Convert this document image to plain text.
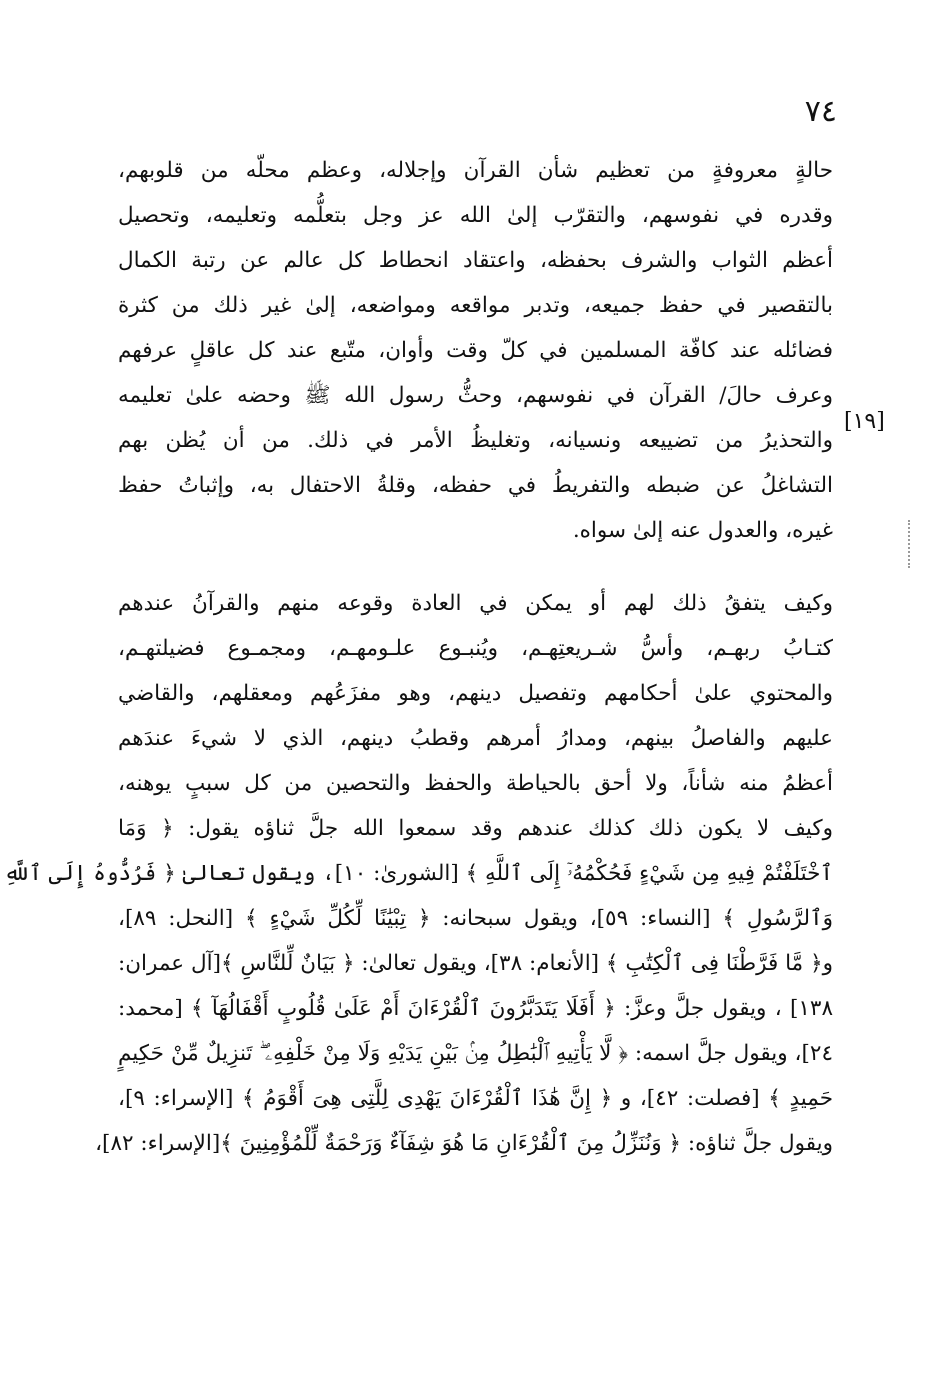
٧٤
[١٩]
حالةٍ معروفةٍ من تعظيم شأن القرآن وإجلاله، وعظم محلّه من قلوبهم،
وقدره في نفوسهم، والتقرّب إلىٰ الله عز وجل بتعلُّمه وتعليمه، وتحصيل
أعظم الثواب والشرف بحفظه، واعتقاد انحطاط كل عالم عن رتبة الكمال
بالتقصير في حفظ جميعه، وتدبر مواقعه ومواضعه، إلىٰ غير ذلك من كثرة
فضائله عند كافّة المسلمين في كلّ وقت وأوان، متّبع عند كل عاقلٍ عرفهم
وعرف حالَ/ القرآن في نفوسهم، وحثُّ رسول الله ﷺ وحضه علىٰ تعليمه
والتحذيرُ من تضييعه ونسيانه، وتغليظُ الأمر في ذلك. من أن يُظن بهم
التشاغلُ عن ضبطه والتفريطُ في حفظه، وقلةُ الاحتفال به، وإثباتُ حفظ
غيره، والعدول عنه إلىٰ سواه.
وكيف يتفقُ ذلك لهم أو يمكن في العادة وقوعه منهم والقرآنُ عندهم
كتـابُ ربهـم، وأسُّ شـريعتِهـم، ويُنبـوع علـومهـم، ومجمـوع فضيلتهـم،
والمحتوي علىٰ أحكامهم وتفصيل دينهم، وهو مفزَعُهم ومعقلهم، والقاضي
عليهم والفاصلُ بينهم، ومدارُ أمرهم وقطبُ دينهم، الذي لا شيءَ عندَهم
أعظمُ منه شأناً، ولا أحق بالحياطة والحفظ والتحصين من كل سببٍ يوهنه،
وكيف لا يكون ذلك كذلك عندهم وقد سمعوا الله جلَّ ثناؤه يقول: ﴿ وَمَا
ٱخْتَلَفْتُمْ فِيهِ مِن شَيْءٍ فَحُكْمُهُۥٓ إِلَى ٱللَّهِ ﴾ [الشورىٰ: ١٠]، ويقول تعالىٰ ﴿ فَرُدُّوهُ إِلَى ٱللَّهِ
وَٱلرَّسُولِ ﴾ [النساء: ٥٩]، ويقول سبحانه: ﴿ تِبْيَٰنًا لِّكُلِّ شَيْءٍ ﴾ [النحل: ٨٩]،
و﴿ مَّا فَرَّطْنَا فِى ٱلْكِتَٰبِ ﴾ [الأنعام: ٣٨]، ويقول تعالىٰ: ﴿ بَيَانٌ لِّلنَّاسِ ﴾[آل عمران:
١٣٨] ، ويقول جلَّ وعزَّ: ﴿ أَفَلَا يَتَدَبَّرُونَ ٱلْقُرْءَانَ أَمْ عَلَىٰ قُلُوبٍ أَقْفَالُهَآ ﴾ [محمد:
٢٤]، ويقول جلَّ اسمه: ﴿ لَّا يَأْتِيهِ ٱلْبَٰطِلُ مِنۢ بَيْنِ يَدَيْهِ وَلَا مِنْ خَلْفِهِۦ ۖ تَنزِيلٌ مِّنْ حَكِيمٍ
حَمِيدٍ ﴾ [فصلت: ٤٢]، و ﴿ إِنَّ هَٰذَا ٱلْقُرْءَانَ يَهْدِى لِلَّتِى هِىَ أَقْوَمُ ﴾ [الإسراء: ٩]،
ويقول جلَّ ثناؤه: ﴿ وَنُنَزِّلُ مِنَ ٱلْقُرْءَانِ مَا هُوَ شِفَآءٌ وَرَحْمَةٌ لِّلْمُؤْمِنِينَ ﴾[الإسراء: ٨٢]،
